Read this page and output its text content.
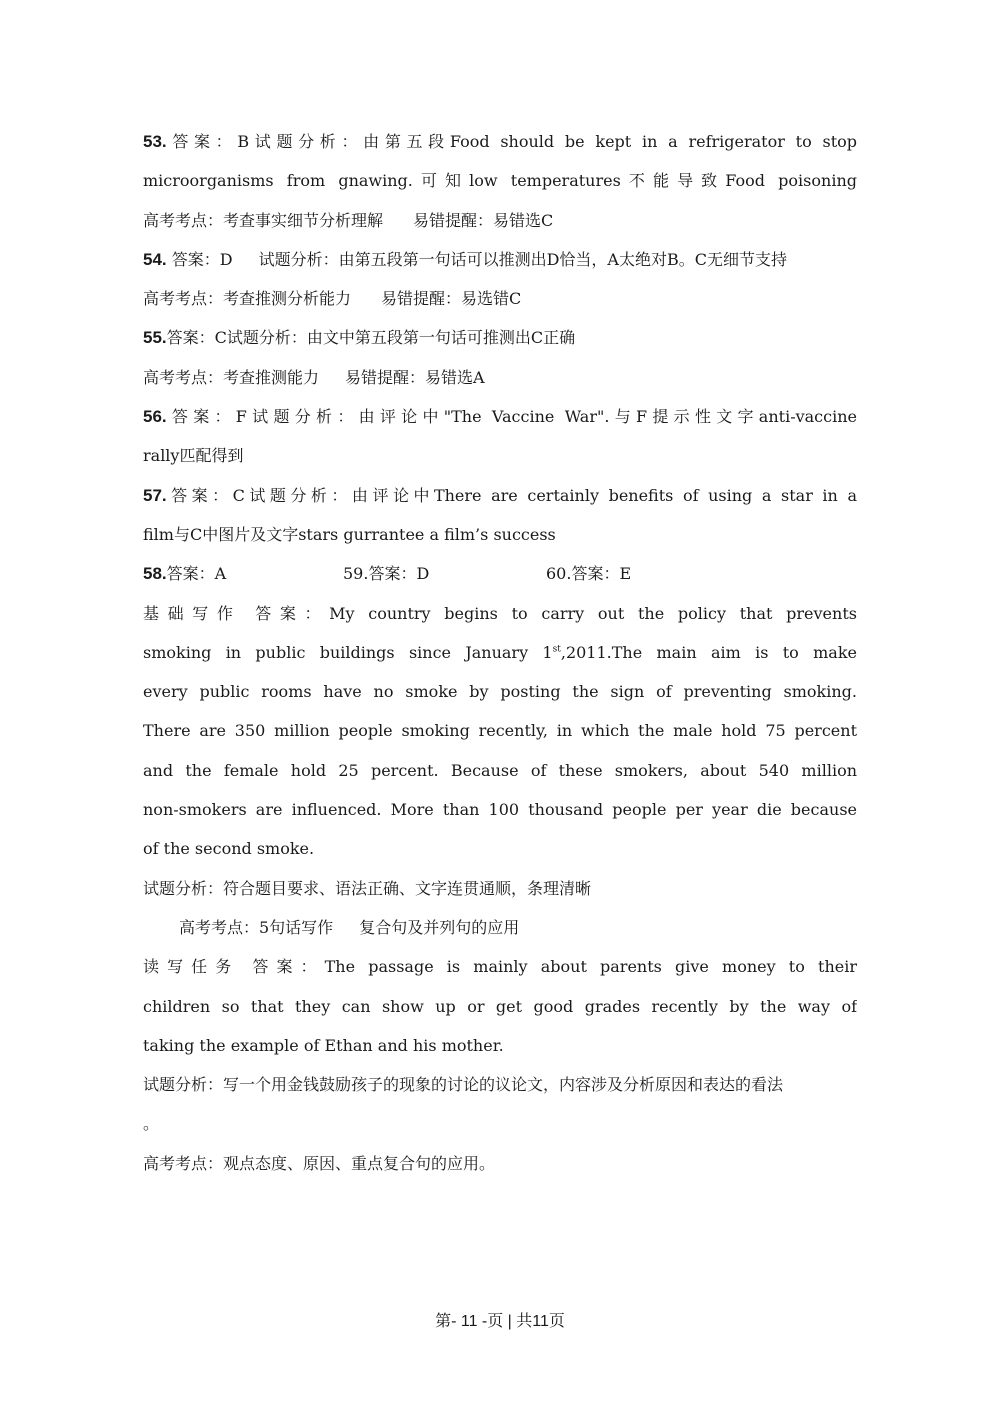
53.答案：B试题分析：由第五段Food should be kept in a refrigerator to stop
microorganisms from gnawing.可知low temperatures不能导致Food poisoning
高考考点：考查事实细节分析理解 易错提醒：易错选C
54. 答案：D 试题分析：由第五段第一句话可以推测出D恰当，A太绝对B。C无细节支持
高考考点：考查推测分析能力 易错提醒：易选错C
55.答案：C试题分析：由文中第五段第一句话可推测出C正确
高考考点：考查推测能力 易错提醒：易错选A
56.答案：F试题分析：由评论中"The Vaccine War".与F提示性文字anti-vaccine
rally匹配得到
57.答案：C试题分析：由评论中There are certainly benefits of using a star in a
film与C中图片及文字stars gurrantee a film’s success
58.答案：A	59.答案：D	60.答案：E
基础写作 答案：My country begins to carry out the policy that prevents
smoking in public buildings since January 1st,2011.The main aim is to make
every public rooms have no smoke by posting the sign of preventing smoking.
There are 350 million people smoking recently, in which the male hold 75 percent
and the female hold 25 percent. Because of these smokers, about 540 million
non-smokers are influenced. More than 100 thousand people per year die because
of the second smoke.
试题分析：符合题目要求、语法正确、文字连贯通顺，条理清晰
高考考点：5句话写作 复合句及并列句的应用
读写任务 答案：The passage is mainly about parents give money to their
children so that they can show up or get good grades recently by the way of
taking the example of Ethan and his mother.
试题分析：写一个用金钱鼓励孩子的现象的讨论的议论文，内容涉及分析原因和表达的看法
。
高考考点：观点态度、原因、重点复合句的应用。
第- 11 -页 | 共11页
